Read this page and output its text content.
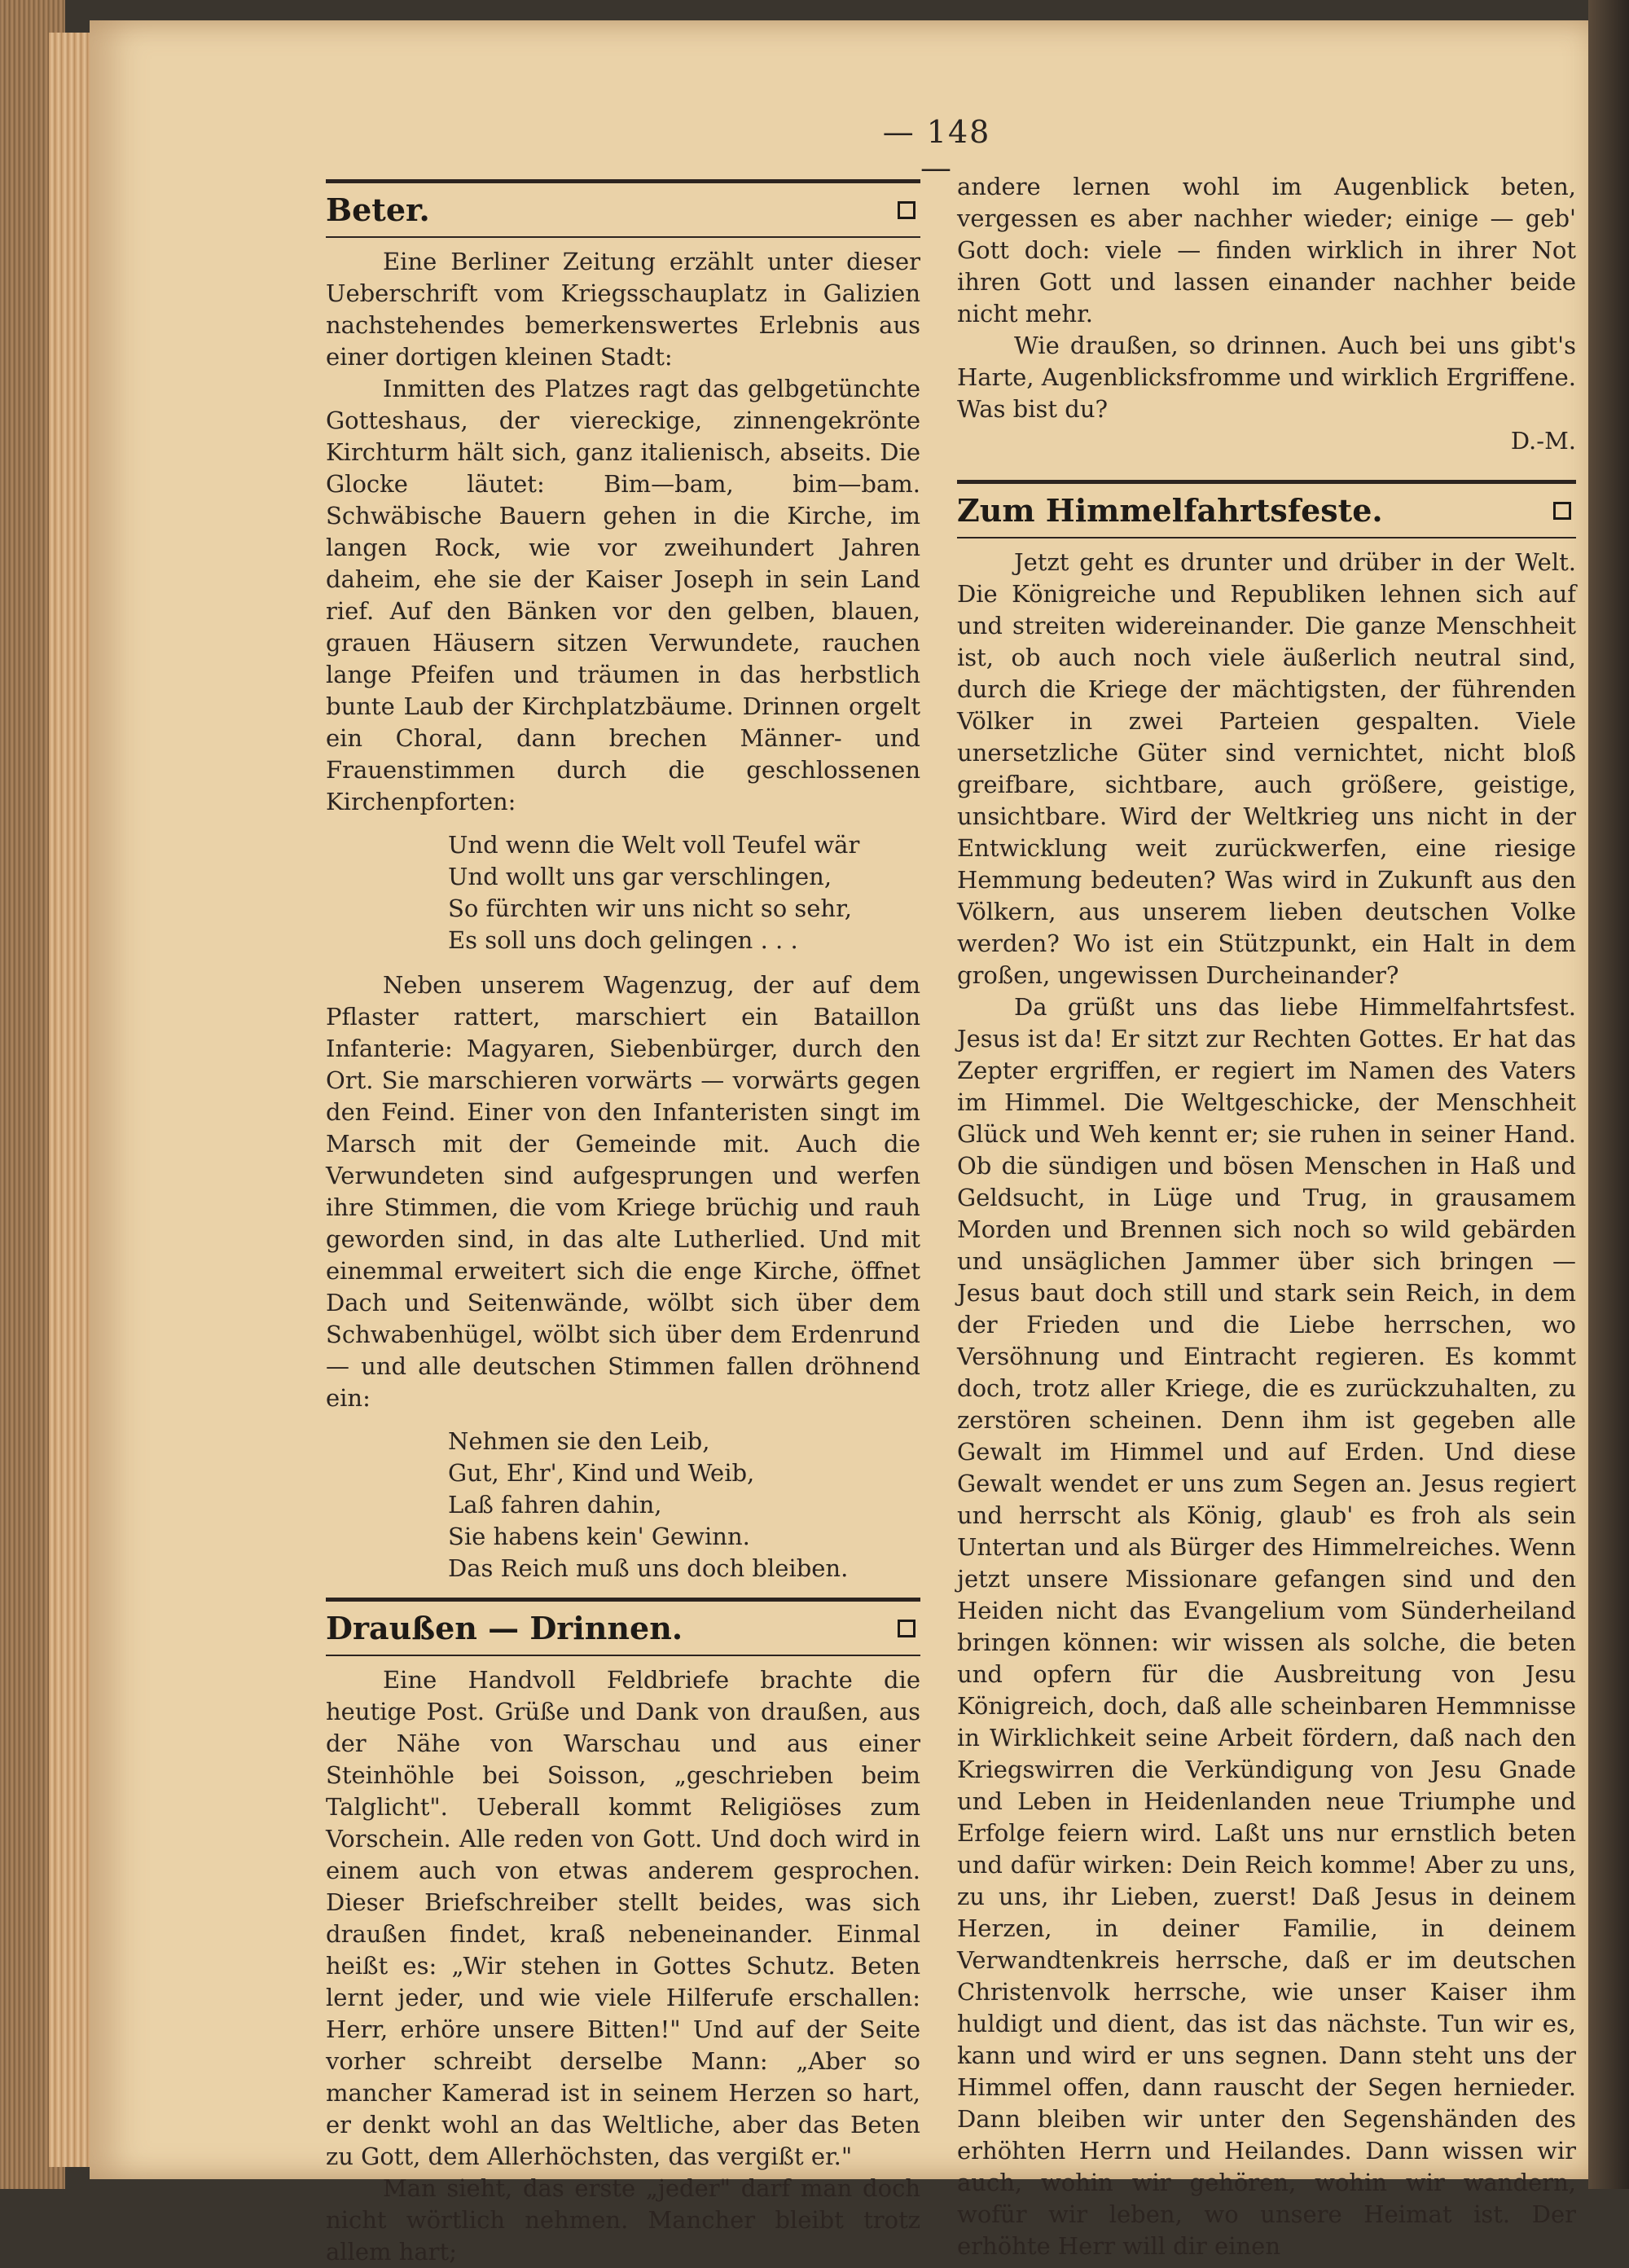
— 148 —
Beter.

Eine Berliner Zeitung erzählt unter dieser Ueberschrift vom Kriegsschauplatz in Galizien nachstehendes bemerkenswertes Erlebnis aus einer dortigen kleinen Stadt:

Inmitten des Platzes ragt das gelbgetünchte Gotteshaus, der viereckige, zinnengekrönte Kirchturm hält sich, ganz italienisch, abseits. Die Glocke läutet: Bim—bam, bim—bam. Schwäbische Bauern gehen in die Kirche, im langen Rock, wie vor zweihundert Jahren daheim, ehe sie der Kaiser Joseph in sein Land rief. Auf den Bänken vor den gelben, blauen, grauen Häusern sitzen Verwundete, rauchen lange Pfeifen und träumen in das herbstlich bunte Laub der Kirchplatzbäume. Drinnen orgelt ein Choral, dann brechen Männer- und Frauenstimmen durch die geschlossenen Kirchenpforten:

Und wenn die Welt voll Teufel wär
Und wollt uns gar verschlingen,
So fürchten wir uns nicht so sehr,
Es soll uns doch gelingen . . .

Neben unserem Wagenzug, der auf dem Pflaster rattert, marschiert ein Bataillon Infanterie: Magyaren, Siebenbürger, durch den Ort. Sie marschieren vorwärts — vorwärts gegen den Feind. Einer von den Infanteristen singt im Marsch mit der Gemeinde mit. Auch die Verwundeten sind aufgesprungen und werfen ihre Stimmen, die vom Kriege brüchig und rauh geworden sind, in das alte Lutherlied. Und mit einemmal erweitert sich die enge Kirche, öffnet Dach und Seitenwände, wölbt sich über dem Schwabenhügel, wölbt sich über dem Erdenrund — und alle deutschen Stimmen fallen dröhnend ein:

Nehmen sie den Leib,
Gut, Ehr', Kind und Weib,
Laß fahren dahin,
Sie habens kein' Gewinn.
Das Reich muß uns doch bleiben.
Draußen — Drinnen.

Eine Handvoll Feldbriefe brachte die heutige Post. Grüße und Dank von draußen, aus der Nähe von Warschau und aus einer Steinhöhle bei Soisson, „geschrieben beim Talglicht". Ueberall kommt Religiöses zum Vorschein. Alle reden von Gott. Und doch wird in einem auch von etwas anderem gesprochen. Dieser Briefschreiber stellt beides, was sich draußen findet, kraß nebeneinander. Einmal heißt es: „Wir stehen in Gottes Schutz. Beten lernt jeder, und wie viele Hilferufe erschallen: Herr, erhöre unsere Bitten!" Und auf der Seite vorher schreibt derselbe Mann: „Aber so mancher Kamerad ist in seinem Herzen so hart, er denkt wohl an das Weltliche, aber das Beten zu Gott, dem Allerhöchsten, das vergißt er."

Man sieht, das erste „jeder" darf man doch nicht wörtlich nehmen. Mancher bleibt trotz allem hart;

andere lernen wohl im Augenblick beten, vergessen es aber nachher wieder; einige — geb' Gott doch: viele — finden wirklich in ihrer Not ihren Gott und lassen einander nachher beide nicht mehr.

Wie draußen, so drinnen. Auch bei uns gibt's Harte, Augenblicksfromme und wirklich Ergriffene. Was bist du?

D.-M.
Zum Himmelfahrtsfeste.

Jetzt geht es drunter und drüber in der Welt. Die Königreiche und Republiken lehnen sich auf und streiten widereinander. Die ganze Menschheit ist, ob auch noch viele äußerlich neutral sind, durch die Kriege der mächtigsten, der führenden Völker in zwei Parteien gespalten. Viele unersetzliche Güter sind vernichtet, nicht bloß greifbare, sichtbare, auch größere, geistige, unsichtbare. Wird der Weltkrieg uns nicht in der Entwicklung weit zurückwerfen, eine riesige Hemmung bedeuten? Was wird in Zukunft aus den Völkern, aus unserem lieben deutschen Volke werden? Wo ist ein Stützpunkt, ein Halt in dem großen, ungewissen Durcheinander?

Da grüßt uns das liebe Himmelfahrtsfest. Jesus ist da! Er sitzt zur Rechten Gottes. Er hat das Zepter ergriffen, er regiert im Namen des Vaters im Himmel. Die Weltgeschicke, der Menschheit Glück und Weh kennt er; sie ruhen in seiner Hand. Ob die sündigen und bösen Menschen in Haß und Geldsucht, in Lüge und Trug, in grausamem Morden und Brennen sich noch so wild gebärden und unsäglichen Jammer über sich bringen — Jesus baut doch still und stark sein Reich, in dem der Frieden und die Liebe herrschen, wo Versöhnung und Eintracht regieren. Es kommt doch, trotz aller Kriege, die es zurückzuhalten, zu zerstören scheinen. Denn ihm ist gegeben alle Gewalt im Himmel und auf Erden. Und diese Gewalt wendet er uns zum Segen an. Jesus regiert und herrscht als König, glaub' es froh als sein Untertan und als Bürger des Himmelreiches. Wenn jetzt unsere Missionare gefangen sind und den Heiden nicht das Evangelium vom Sünderheiland bringen können: wir wissen als solche, die beten und opfern für die Ausbreitung von Jesu Königreich, doch, daß alle scheinbaren Hemmnisse in Wirklichkeit seine Arbeit fördern, daß nach den Kriegswirren die Verkündigung von Jesu Gnade und Leben in Heidenlanden neue Triumphe und Erfolge feiern wird. Laßt uns nur ernstlich beten und dafür wirken: Dein Reich komme! Aber zu uns, zu uns, ihr Lieben, zuerst! Daß Jesus in deinem Herzen, in deiner Familie, in deinem Verwandtenkreis herrsche, daß er im deutschen Christenvolk herrsche, wie unser Kaiser ihm huldigt und dient, das ist das nächste. Tun wir es, kann und wird er uns segnen. Dann steht uns der Himmel offen, dann rauscht der Segen hernieder. Dann bleiben wir unter den Segenshänden des erhöhten Herrn und Heilandes. Dann wissen wir auch, wohin wir gehören, wohin wir wandern, wofür wir leben, wo unsere Heimat ist. Der erhöhte Herr will dir einen
